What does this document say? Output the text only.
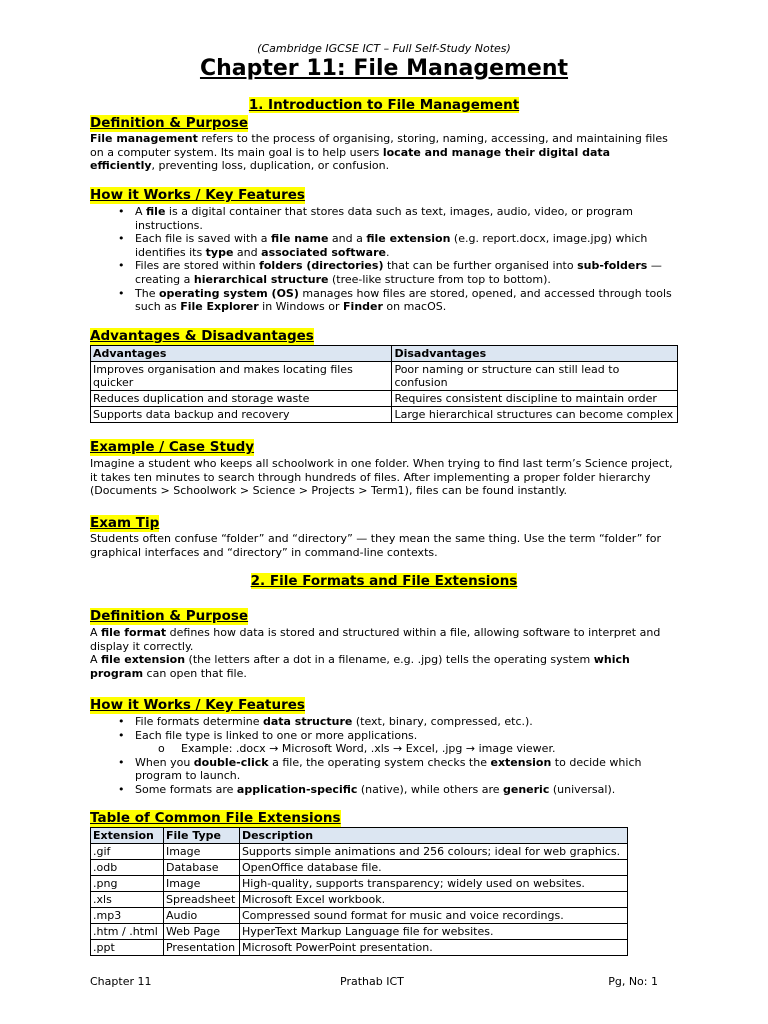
(Cambridge IGCSE ICT – Full Self-Study Notes)
Chapter 11: File Management
1. Introduction to File Management
Definition & Purpose
File management refers to the process of organising, storing, naming, accessing, and maintaining files on a computer system. Its main goal is to help users locate and manage their digital data efficiently, preventing loss, duplication, or confusion.
How it Works / Key Features
• A file is a digital container that stores data such as text, images, audio, video, or program instructions.
• Each file is saved with a file name and a file extension (e.g. report.docx, image.jpg) which identifies its type and associated software.
• Files are stored within folders (directories) that can be further organised into sub-folders — creating a hierarchical structure (tree-like structure from top to bottom).
• The operating system (OS) manages how files are stored, opened, and accessed through tools such as File Explorer in Windows or Finder on macOS.
Advantages & Disadvantages
Advantages	Disadvantages
Improves organisation and makes locating files quicker	Poor naming or structure can still lead to confusion
Reduces duplication and storage waste	Requires consistent discipline to maintain order
Supports data backup and recovery	Large hierarchical structures can become complex
Example / Case Study
Imagine a student who keeps all schoolwork in one folder. When trying to find last term’s Science project, it takes ten minutes to search through hundreds of files. After implementing a proper folder hierarchy (Documents > Schoolwork > Science > Projects > Term1), files can be found instantly.
Exam Tip
Students often confuse “folder” and “directory” — they mean the same thing. Use the term “folder” for graphical interfaces and “directory” in command-line contexts.
2. File Formats and File Extensions
Definition & Purpose
A file format defines how data is stored and structured within a file, allowing software to interpret and display it correctly.
A file extension (the letters after a dot in a filename, e.g. .jpg) tells the operating system which program can open that file.
How it Works / Key Features
• File formats determine data structure (text, binary, compressed, etc.).
• Each file type is linked to one or more applications.
o Example: .docx → Microsoft Word, .xls → Excel, .jpg → image viewer.
• When you double-click a file, the operating system checks the extension to decide which program to launch.
• Some formats are application-specific (native), while others are generic (universal).
Table of Common File Extensions
Extension	File Type	Description
.gif	Image	Supports simple animations and 256 colours; ideal for web graphics.
.odb	Database	OpenOffice database file.
.png	Image	High-quality, supports transparency; widely used on websites.
.xls	Spreadsheet	Microsoft Excel workbook.
.mp3	Audio	Compressed sound format for music and voice recordings.
.htm / .html	Web Page	HyperText Markup Language file for websites.
.ppt	Presentation	Microsoft PowerPoint presentation.
Chapter 11	Prathab ICT	Pg, No: 1
